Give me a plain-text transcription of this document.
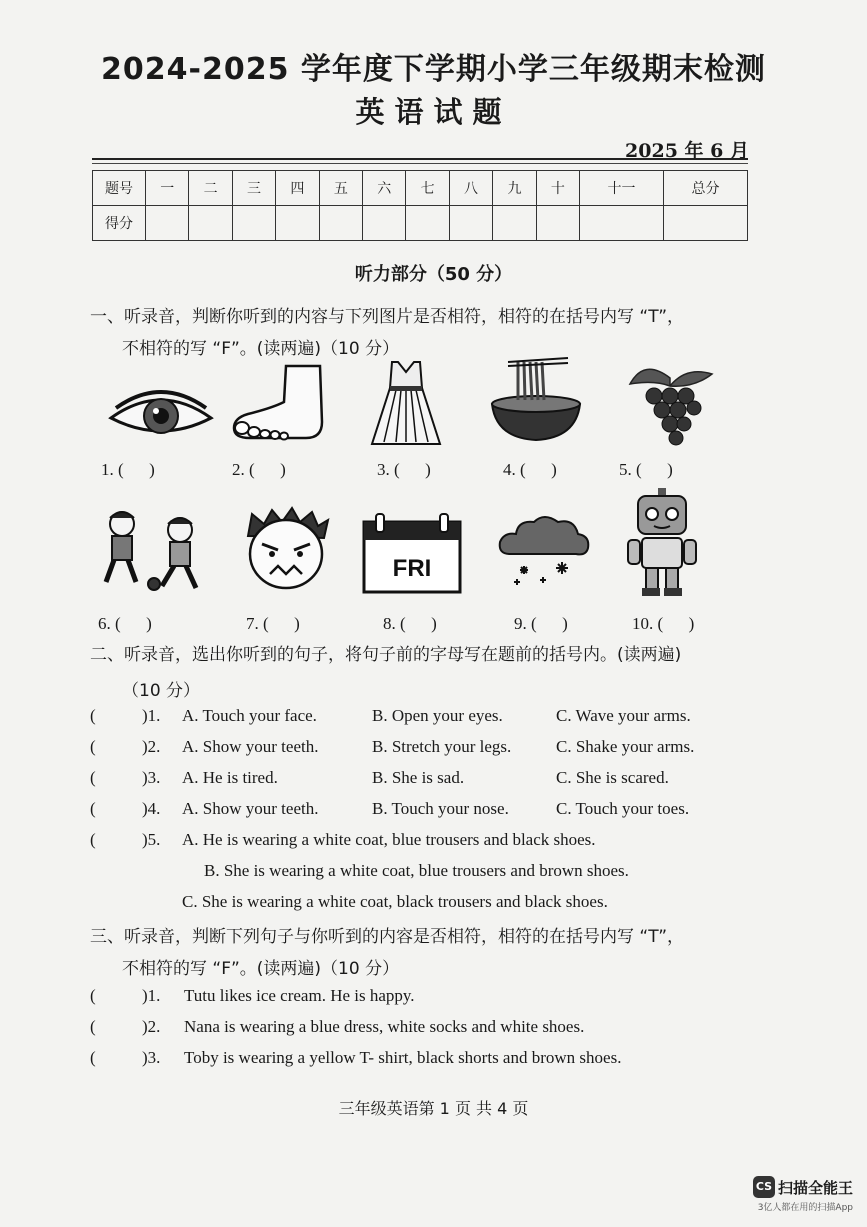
2024-2025 学年度下学期小学三年级期末检测
英语试题
2025 年 6 月
题号	一	二	三	四	五	六	七	八	九	十	十一	总分
得分												
听力部分（50 分）
一、听录音，判断你听到的内容与下列图片是否相符，相符的在括号内写 “T”，
不相符的写 “F”。(读两遍)（10 分）
1. (      )	2. (      )	3. (      )	4. (      )	5. (      )
FRI
6. (      )	7. (      )	8. (      )	9. (      )	10. (      )
二、听录音，选出你听到的句子，将句子前的字母写在题前的括号内。(读两遍)
（10 分）

(

	)1.

A. Touch your face.

	B. Open your eyes.

	C. Wave your arms.

(

	)2.

A. Show your teeth.

	B. Stretch your legs.

	C. Shake your arms.

(

	)3.

A. He is tired.

	B. She is sad.

	C. She is scared.

(

	)4.

A. Show your teeth.

	B. Touch your nose.

	C. Touch your toes.

(

	)5.

A. He is wearing a white coat, blue trousers and black shoes.

B. She is wearing a white coat, blue trousers and brown shoes.

C. She is wearing a white coat, black trousers and black shoes.

三、听录音，判断下列句子与你听到的内容是否相符，相符的在括号内写 “T”，
不相符的写 “F”。(读两遍)（10 分）

(

	)1.

Tutu likes ice cream. He is happy.

(

	)2.

Nana is wearing a blue dress, white socks and white shoes.

(

	)3.

Toby is wearing a yellow T- shirt, black shorts and brown shoes.

三年级英语第 1 页 共 4 页
CS 扫描全能王
3亿人都在用的扫描App
